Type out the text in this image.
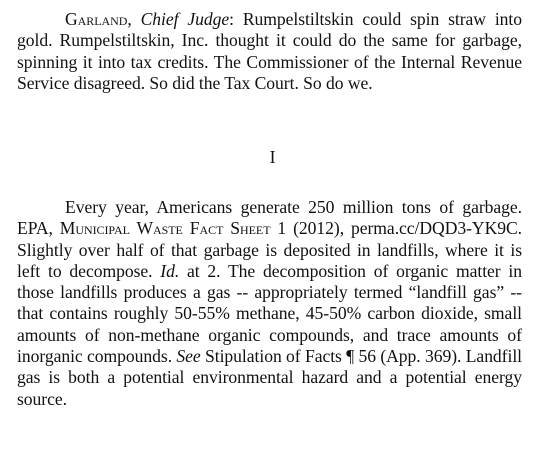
Garland, Chief Judge: Rumpelstiltskin could spin straw into gold. Rumpelstiltskin, Inc. thought it could do the same for garbage, spinning it into tax credits. The Commissioner of the Internal Revenue Service disagreed. So did the Tax Court. So do we.

I

Every year, Americans generate 250 million tons of garbage. EPA, Municipal Waste Fact Sheet 1 (2012), perma.cc/DQD3-YK9C. Slightly over half of that garbage is deposited in landfills, where it is left to decompose. Id. at 2. The decomposition of organic matter in those landfills produces a gas -- appropriately termed “landfill gas” -- that contains roughly 50-55% methane, 45-50% carbon dioxide, small amounts of non-methane organic compounds, and trace amounts of inorganic compounds. See Stipulation of Facts ¶ 56 (App. 369). Landfill gas is both a potential environmental hazard and a potential energy source.
